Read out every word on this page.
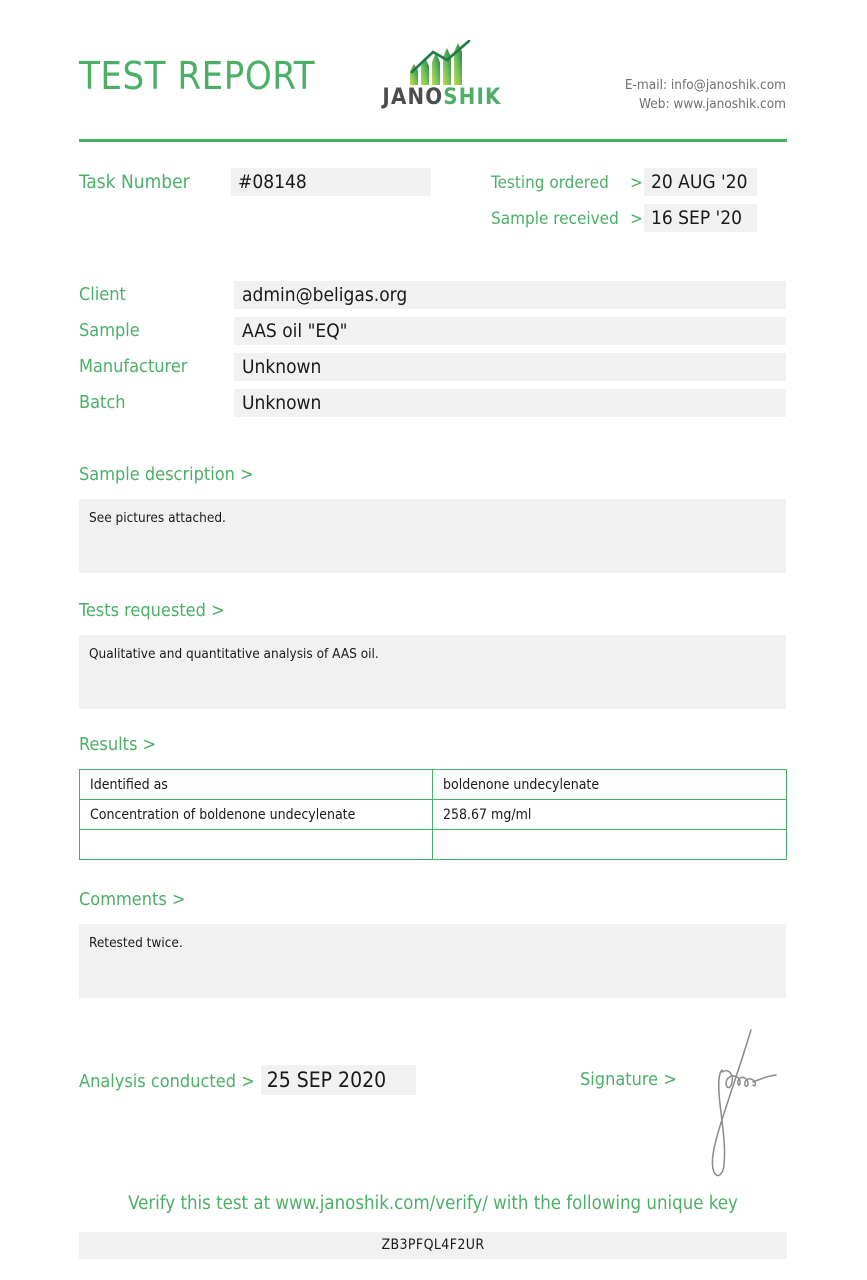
TEST REPORT	JANOSHIK	E-mail: info@janoshik.com
Web: www.janoshik.com
Task Number	#08148	Testing ordered > 20 AUG '20
Sample received > 16 SEP '20
Client	admin@beligas.org
Sample	AAS oil "EQ"
Manufacturer	Unknown
Batch	Unknown
Sample description >
See pictures attached.
Tests requested >
Qualitative and quantitative analysis of AAS oil.
Results >
Identified as	boldenone undecylenate
Concentration of boldenone undecylenate	258.67 mg/ml

Comments >
Retested twice.
Analysis conducted > 25 SEP 2020	Signature >
Verify this test at www.janoshik.com/verify/ with the following unique key
ZB3PFQL4F2UR
